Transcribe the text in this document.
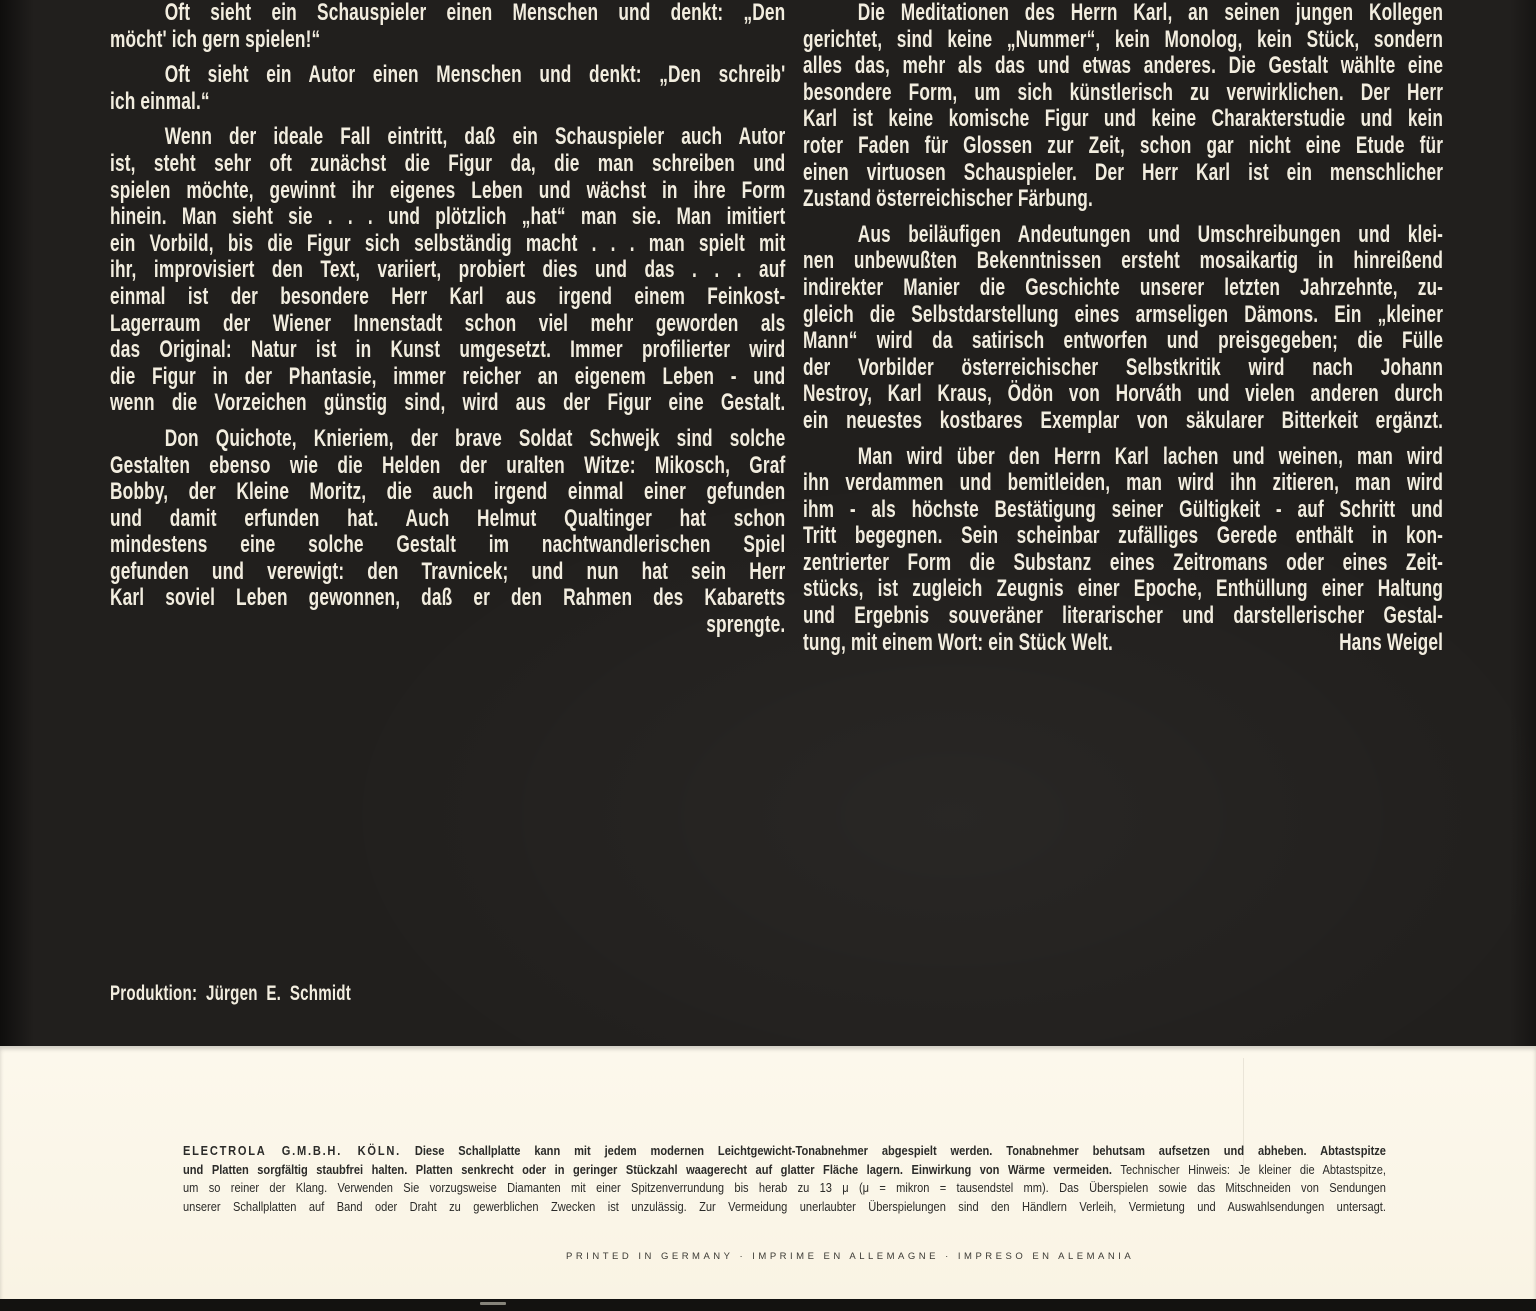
Oft sieht ein Schauspieler einen Menschen und denkt: „Den
möcht' ich gern spielen!“
Oft sieht ein Autor einen Menschen und denkt: „Den schreib'
ich einmal.“
Wenn der ideale Fall eintritt, daß ein Schauspieler auch Autor
ist, steht sehr oft zunächst die Figur da, die man schreiben und
spielen möchte, gewinnt ihr eigenes Leben und wächst in ihre Form
hinein. Man sieht sie . . . und plötzlich „hat“ man sie. Man imitiert
ein Vorbild, bis die Figur sich selbständig macht . . . man spielt mit
ihr, improvisiert den Text, variiert, probiert dies und das . . . auf
einmal ist der besondere Herr Karl aus irgend einem Feinkost-
Lagerraum der Wiener Innenstadt schon viel mehr geworden als
das Original: Natur ist in Kunst umgesetzt. Immer profilierter wird
die Figur in der Phantasie, immer reicher an eigenem Leben - und
wenn die Vorzeichen günstig sind, wird aus der Figur eine Gestalt.
Don Quichote, Knieriem, der brave Soldat Schwejk sind solche
Gestalten ebenso wie die Helden der uralten Witze: Mikosch, Graf
Bobby, der Kleine Moritz, die auch irgend einmal einer gefunden
und damit erfunden hat. Auch Helmut Qualtinger hat schon
mindestens eine solche Gestalt im nachtwandlerischen Spiel
gefunden und verewigt: den Travnicek; und nun hat sein Herr
Karl soviel Leben gewonnen, daß er den Rahmen des Kabaretts
sprengte.
Die Meditationen des Herrn Karl, an seinen jungen Kollegen
gerichtet, sind keine „Nummer“, kein Monolog, kein Stück, sondern
alles das, mehr als das und etwas anderes. Die Gestalt wählte eine
besondere Form, um sich künstlerisch zu verwirklichen. Der Herr
Karl ist keine komische Figur und keine Charakterstudie und kein
roter Faden für Glossen zur Zeit, schon gar nicht eine Etude für
einen virtuosen Schauspieler. Der Herr Karl ist ein menschlicher
Zustand österreichischer Färbung.
Aus beiläufigen Andeutungen und Umschreibungen und klei-
nen unbewußten Bekenntnissen ersteht mosaikartig in hinreißend
indirekter Manier die Geschichte unserer letzten Jahrzehnte, zu-
gleich die Selbstdarstellung eines armseligen Dämons. Ein „kleiner
Mann“ wird da satirisch entworfen und preisgegeben; die Fülle
der Vorbilder österreichischer Selbstkritik wird nach Johann
Nestroy, Karl Kraus, Ödön von Horváth und vielen anderen durch
ein neuestes kostbares Exemplar von säkularer Bitterkeit ergänzt.
Man wird über den Herrn Karl lachen und weinen, man wird
ihn verdammen und bemitleiden, man wird ihn zitieren, man wird
ihm - als höchste Bestätigung seiner Gültigkeit - auf Schritt und
Tritt begegnen. Sein scheinbar zufälliges Gerede enthält in kon-
zentrierter Form die Substanz eines Zeitromans oder eines Zeit-
stücks, ist zugleich Zeugnis einer Epoche, Enthüllung einer Haltung
und Ergebnis souveräner literarischer und darstellerischer Gestal-
tung, mit einem Wort: ein Stück Welt.	Hans Weigel
Produktion: Jürgen E. Schmidt
ELECTROLA G.M.B.H. KÖLN. Diese Schallplatte kann mit jedem modernen Leichtgewicht-Tonabnehmer abgespielt werden. Tonabnehmer behutsam aufsetzen und abheben. Abtastspitze
und Platten sorgfältig staubfrei halten. Platten senkrecht oder in geringer Stückzahl waagerecht auf glatter Fläche lagern. Einwirkung von Wärme vermeiden. Technischer Hinweis: Je kleiner die Abtastspitze,
um so reiner der Klang. Verwenden Sie vorzugsweise Diamanten mit einer Spitzenverrundung bis herab zu 13 μ (μ = mikron = tausendstel mm). Das Überspielen sowie das Mitschneiden von Sendungen
unserer Schallplatten auf Band oder Draht zu gewerblichen Zwecken ist unzulässig. Zur Vermeidung unerlaubter Überspielungen sind den Händlern Verleih, Vermietung und Auswahlsendungen untersagt.
PRINTED IN GERMANY · IMPRIME EN ALLEMAGNE · IMPRESO EN ALEMANIA
